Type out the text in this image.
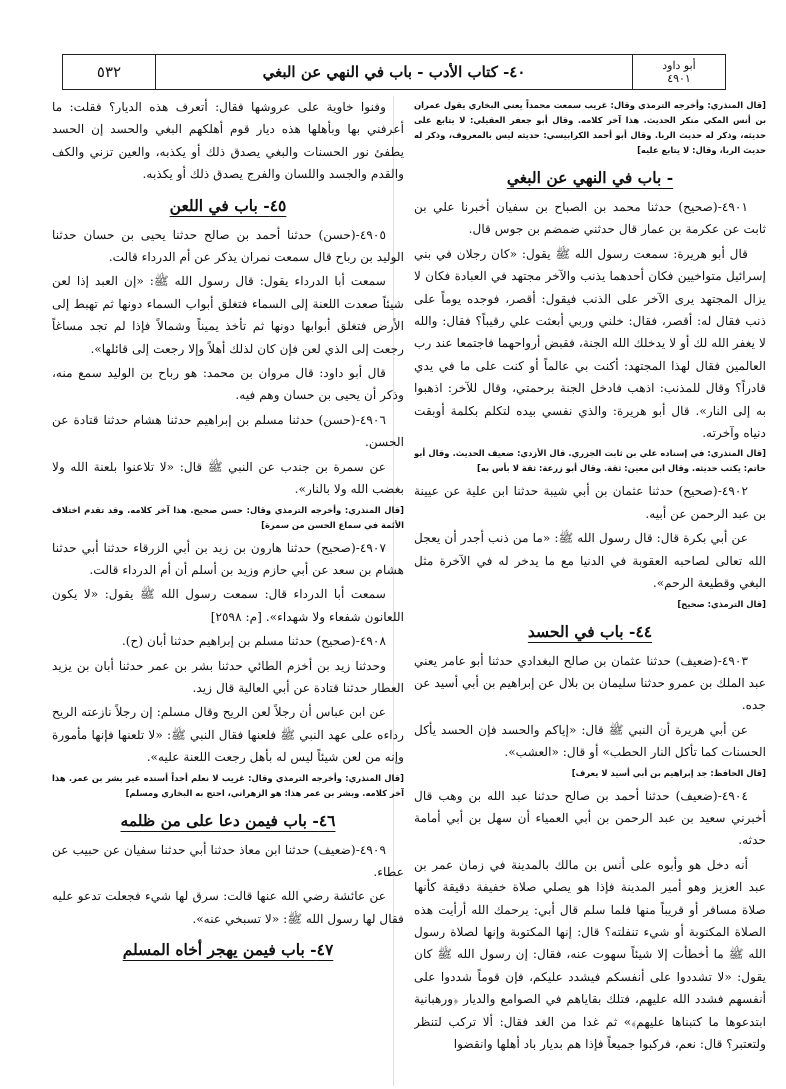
أبو داود
٤٩٠١
٤٠- كتاب الأدب - باب في النهي عن البغي
٥٣٢
[قال المنذري: وأخرجه الترمذي وقال: غريب سمعت محمداً يعني البخاري يقول عمران بن أنس المكي منكر الحديث. هذا آخر كلامه. وقال أبو جعفر العقيلي: لا يتابع على حديثه، وذكر له حديث الربا. وقال أبو أحمد الكرابيسي: حديثه ليس بالمعروف، وذكر له حديث الربا، وقال: لا يتابع عليه]
- باب في النهي عن البغي
٤٩٠١-(صحيح) حدثنا محمد بن الصباح بن سفيان أخبرنا علي بن ثابت عن عكرمة بن عمار قال حدثني ضمضم بن جوس قال.
قال أبو هريرة: سمعت رسول الله ﷺ يقول: «كان رجلان في بني إسرائيل متواخيين فكان أحدهما يذنب والآخر مجتهد في العبادة فكان لا يزال المجتهد يرى الآخر على الذنب فيقول: أقصر، فوجده يوماً على ذنب فقال له: أقصر، فقال: خلني وربي أبعثت علي رقيباً؟ فقال: والله لا يغفر الله لك أو لا يدخلك الله الجنة، فقبض أرواحهما فاجتمعا عند رب العالمين فقال لهذا المجتهد: أكنت بي عالماً أو كنت على ما في يدي قادراً؟ وقال للمذنب: اذهب فادخل الجنة برحمتي، وقال للآخر: اذهبوا به إلى النار». قال أبو هريرة: والذي نفسي بيده لتكلم بكلمة أوبقت دنياه وآخرته.
[قال المنذري: في إسناده علي بن ثابت الجزري. قال الأزدي: ضعيف الحديث. وقال أبو حاتم: يكتب حديثه. وقال ابن معين: ثقة. وقال أبو زرعة: ثقة لا بأس به]
٤٩٠٢-(صحيح) حدثنا عثمان بن أبي شيبة حدثنا ابن علية عن عيينة بن عبد الرحمن عن أبيه.
عن أبي بكرة قال: قال رسول الله ﷺ: «ما من ذنب أجدر أن يعجل الله تعالى لصاحبه العقوبة في الدنيا مع ما يدخر له في الآخرة مثل البغي وقطيعة الرحم».
[قال الترمذي: صحيح]
٤٤- باب في الحسد
٤٩٠٣-(ضعيف) حدثنا عثمان بن صالح البغدادي حدثنا أبو عامر يعني عبد الملك بن عمرو حدثنا سليمان بن بلال عن إبراهيم بن أبي أسيد عن جده.
عن أبي هريرة أن النبي ﷺ قال: «إياكم والحسد فإن الحسد يأكل الحسنات كما تأكل النار الحطب» أو قال: «العشب».
[قال الحافظ: جد إبراهيم بن أبي أسيد لا يعرف]
٤٩٠٤-(ضعيف) حدثنا أحمد بن صالح حدثنا عبد الله بن وهب قال أخبرني سعيد بن عبد الرحمن بن أبي العمياء أن سهل بن أبي أمامة حدثه.
أنه دخل هو وأبوه على أنس بن مالك بالمدينة في زمان عمر بن عبد العزيز وهو أمير المدينة فإذا هو يصلي صلاة خفيفة دقيقة كأنها صلاة مسافر أو قريباً منها فلما سلم قال أبي: يرحمك الله أرأيت هذه الصلاة المكتوبة أو شيء تنفلته؟ قال: إنها المكتوبة وإنها لصلاة رسول الله ﷺ ما أخطأت إلا شيئاً سهوت عنه، فقال: إن رسول الله ﷺ كان يقول: «لا تشددوا على أنفسكم فيشدد عليكم، فإن قوماً شددوا على أنفسهم فشدد الله عليهم، فتلك بقاياهم في الصوامع والديار ﴿ورهبانية ابتدعوها ما كتبناها عليهم﴾» ثم غدا من الغد فقال: ألا تركب لتنظر ولتعتبر؟ قال: نعم، فركبوا جميعاً فإذا هم بديار باد أهلها وانقضوا
وفنوا خاوية على عروشها فقال: أتعرف هذه الديار؟ فقلت: ما أعرفني بها وبأهلها هذه ديار قوم أهلكهم البغي والحسد إن الحسد يطفئ نور الحسنات والبغي يصدق ذلك أو يكذبه، والعين تزني والكف والقدم والجسد واللسان والفرج يصدق ذلك أو يكذبه.
٤٥- باب في اللعن
٤٩٠٥-(حسن) حدثنا أحمد بن صالح حدثنا يحيى بن حسان حدثنا الوليد بن رباح قال سمعت نمران يذكر عن أم الدرداء قالت.
سمعت أبا الدرداء يقول: قال رسول الله ﷺ: «إن العبد إذا لعن شيئاً صعدت اللعنة إلى السماء فتغلق أبواب السماء دونها ثم تهبط إلى الأرض فتغلق أبوابها دونها ثم تأخذ يميناً وشمالاً فإذا لم تجد مساغاً رجعت إلى الذي لعن فإن كان لذلك أهلاً وإلا رجعت إلى قائلها».
قال أبو داود: قال مروان بن محمد: هو رباح بن الوليد سمع منه، وذكر أن يحيى بن حسان وهم فيه.
٤٩٠٦-(حسن) حدثنا مسلم بن إبراهيم حدثنا هشام حدثنا قتادة عن الحسن.
عن سمرة بن جندب عن النبي ﷺ قال: «لا تلاعنوا بلعنة الله ولا بغضب الله ولا بالنار».
[قال المنذري: وأخرجه الترمذي وقال: حسن صحيح. هذا آخر كلامه. وقد تقدم اختلاف الأئمة في سماع الحسن من سمرة]
٤٩٠٧-(صحيح) حدثنا هارون بن زيد بن أبي الزرقاء حدثنا أبي حدثنا هشام بن سعد عن أبي حازم وزيد بن أسلم أن أم الدرداء قالت.
سمعت أبا الدرداء قال: سمعت رسول الله ﷺ يقول: «لا يكون اللعانون شفعاء ولا شهداء». [م: ٢٥٩٨]
٤٩٠٨-(صحيح) حدثنا مسلم بن إبراهيم حدثنا أبان (ح).
وحدثنا زيد بن أخزم الطائي حدثنا بشر بن عمر حدثنا أبان بن يزيد العطار حدثنا قتادة عن أبي العالية قال زيد.
عن ابن عباس أن رجلاً لعن الريح وقال مسلم: إن رجلاً نازعته الريح رداءه على عهد النبي ﷺ فلعنها فقال النبي ﷺ: «لا تلعنها فإنها مأمورة وإنه من لعن شيئاً ليس له بأهل رجعت اللعنة عليه».
[قال المنذري: وأخرجه الترمذي وقال: غريب لا نعلم أحداً أسنده غير بشر بن عمر. هذا آخر كلامه. وبشر بن عمر هذا: هو الزهراني، احتج به البخاري ومسلم]
٤٦- باب فيمن دعا على من ظلمه
٤٩٠٩-(ضعيف) حدثنا ابن معاذ حدثنا أبي حدثنا سفيان عن حبيب عن عطاء.
عن عائشة رضي الله عنها قالت: سرق لها شيء فجعلت تدعو عليه فقال لها رسول الله ﷺ: «لا تسبخي عنه».
٤٧- باب فيمن يهجر أخاه المسلم
